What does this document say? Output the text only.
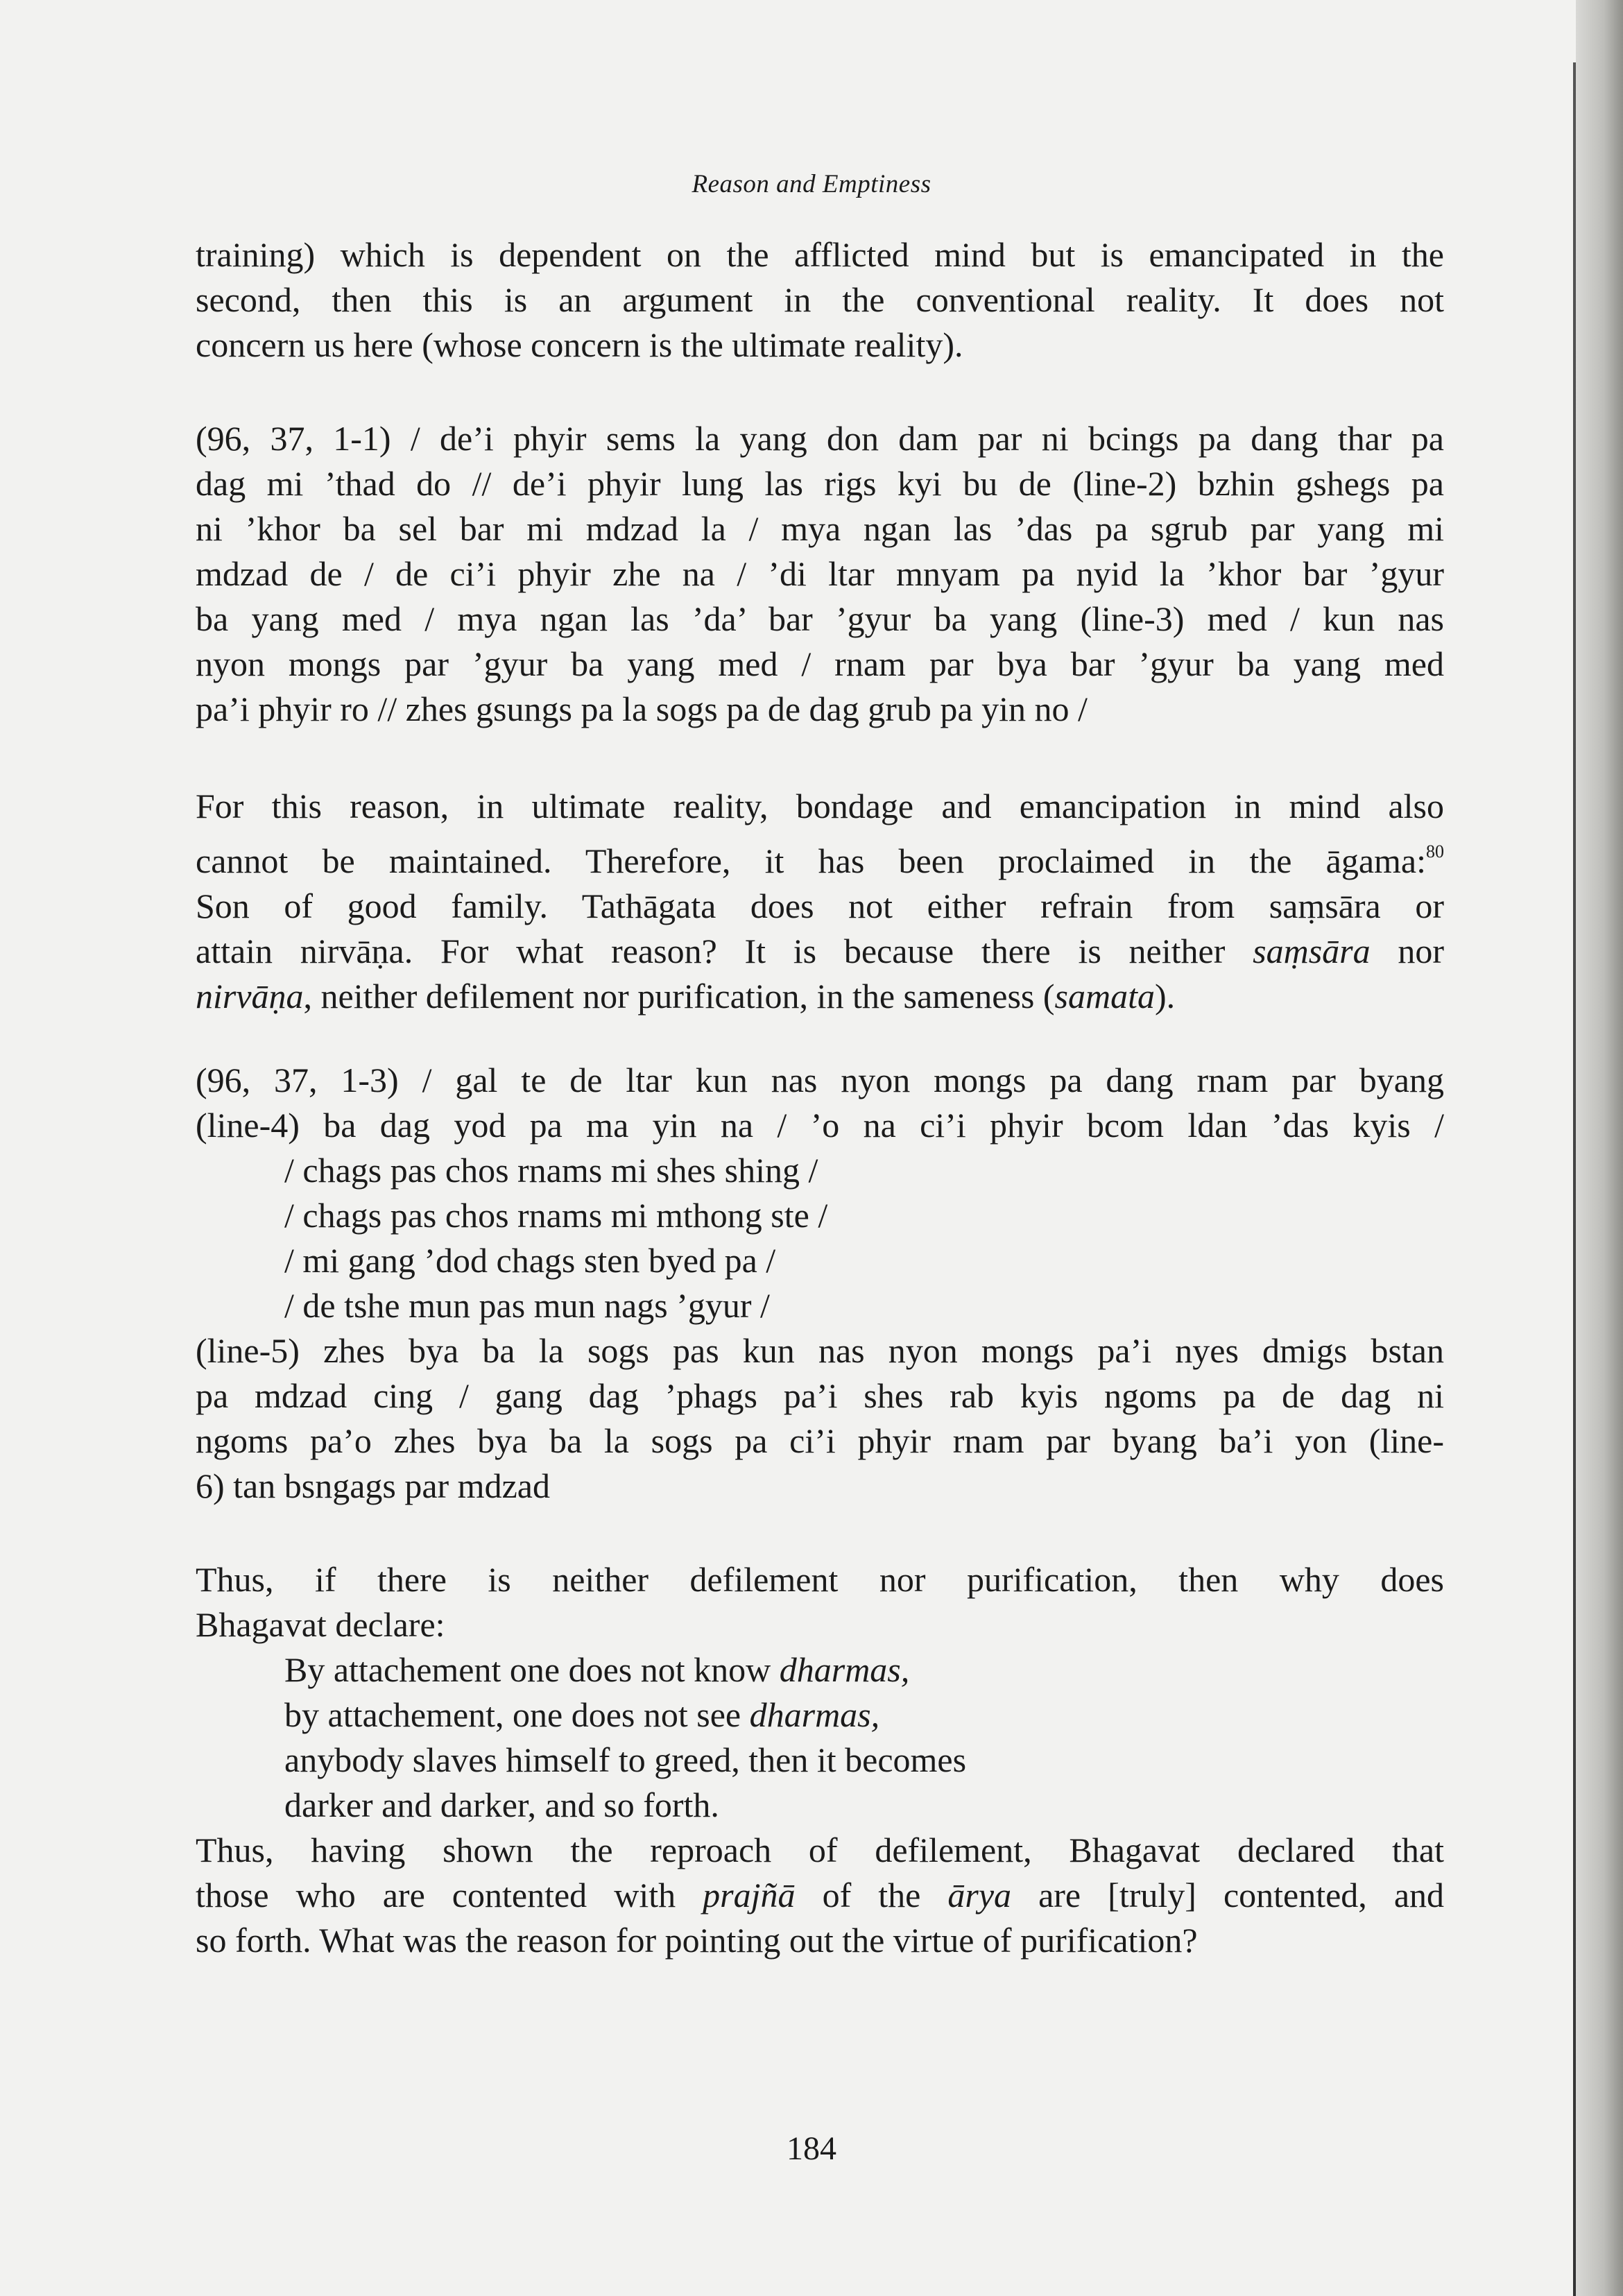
Reason and Emptiness

training) which is dependent on the afflicted mind but is emancipated in the

second, then this is an argument in the conventional reality. It does not

concern us here (whose concern is the ultimate reality).

(96, 37, 1-1) / de’i phyir sems la yang don dam par ni bcings pa dang thar pa

dag mi ’thad do // de’i phyir lung las rigs kyi bu de (line-2) bzhin gshegs pa

ni ’khor ba sel bar mi mdzad la / mya ngan las ’das pa sgrub par yang mi

mdzad de / de ci’i phyir zhe na / ’di ltar mnyam pa nyid la ’khor bar ’gyur

ba yang med / mya ngan las ’da’ bar ’gyur ba yang (line-3) med / kun nas

nyon mongs par ’gyur ba yang med / rnam par bya bar ’gyur ba yang med

pa’i phyir ro // zhes gsungs pa la sogs pa de dag grub pa yin no /

For this reason, in ultimate reality, bondage and emancipation in mind also

cannot be maintained. Therefore, it has been proclaimed in the āgama:$^{80}$

Son of good family. Tathāgata does not either refrain from saṃsāra or

attain nirvāṇa. For what reason? It is because there is neither saṃsāra nor

nirvāṇa, neither defilement nor purification, in the sameness (samata).

(96, 37, 1-3) / gal te de ltar kun nas nyon mongs pa dang rnam par byang

(line-4) ba dag yod pa ma yin na / ’o na ci’i phyir bcom ldan ’das kyis /

/ chags pas chos rnams mi shes shing /
/ chags pas chos rnams mi mthong ste /
/ mi gang ’dod chags sten byed pa /
/ de tshe mun pas mun nags ’gyur /

(line-5) zhes bya ba la sogs pas kun nas nyon mongs pa’i nyes dmigs bstan

pa mdzad cing / gang dag ’phags pa’i shes rab kyis ngoms pa de dag ni

ngoms pa’o zhes bya ba la sogs pa ci’i phyir rnam par byang ba’i yon (line-

6) tan bsngags par mdzad

Thus, if there is neither defilement nor purification, then why does

Bhagavat declare:

By attachement one does not know dharmas,
by attachement, one does not see dharmas,
anybody slaves himself to greed, then it becomes
darker and darker, and so forth.

Thus, having shown the reproach of defilement, Bhagavat declared that

those who are contented with prajñā of the ārya are [truly] contented, and

so forth. What was the reason for pointing out the virtue of purification?

184
